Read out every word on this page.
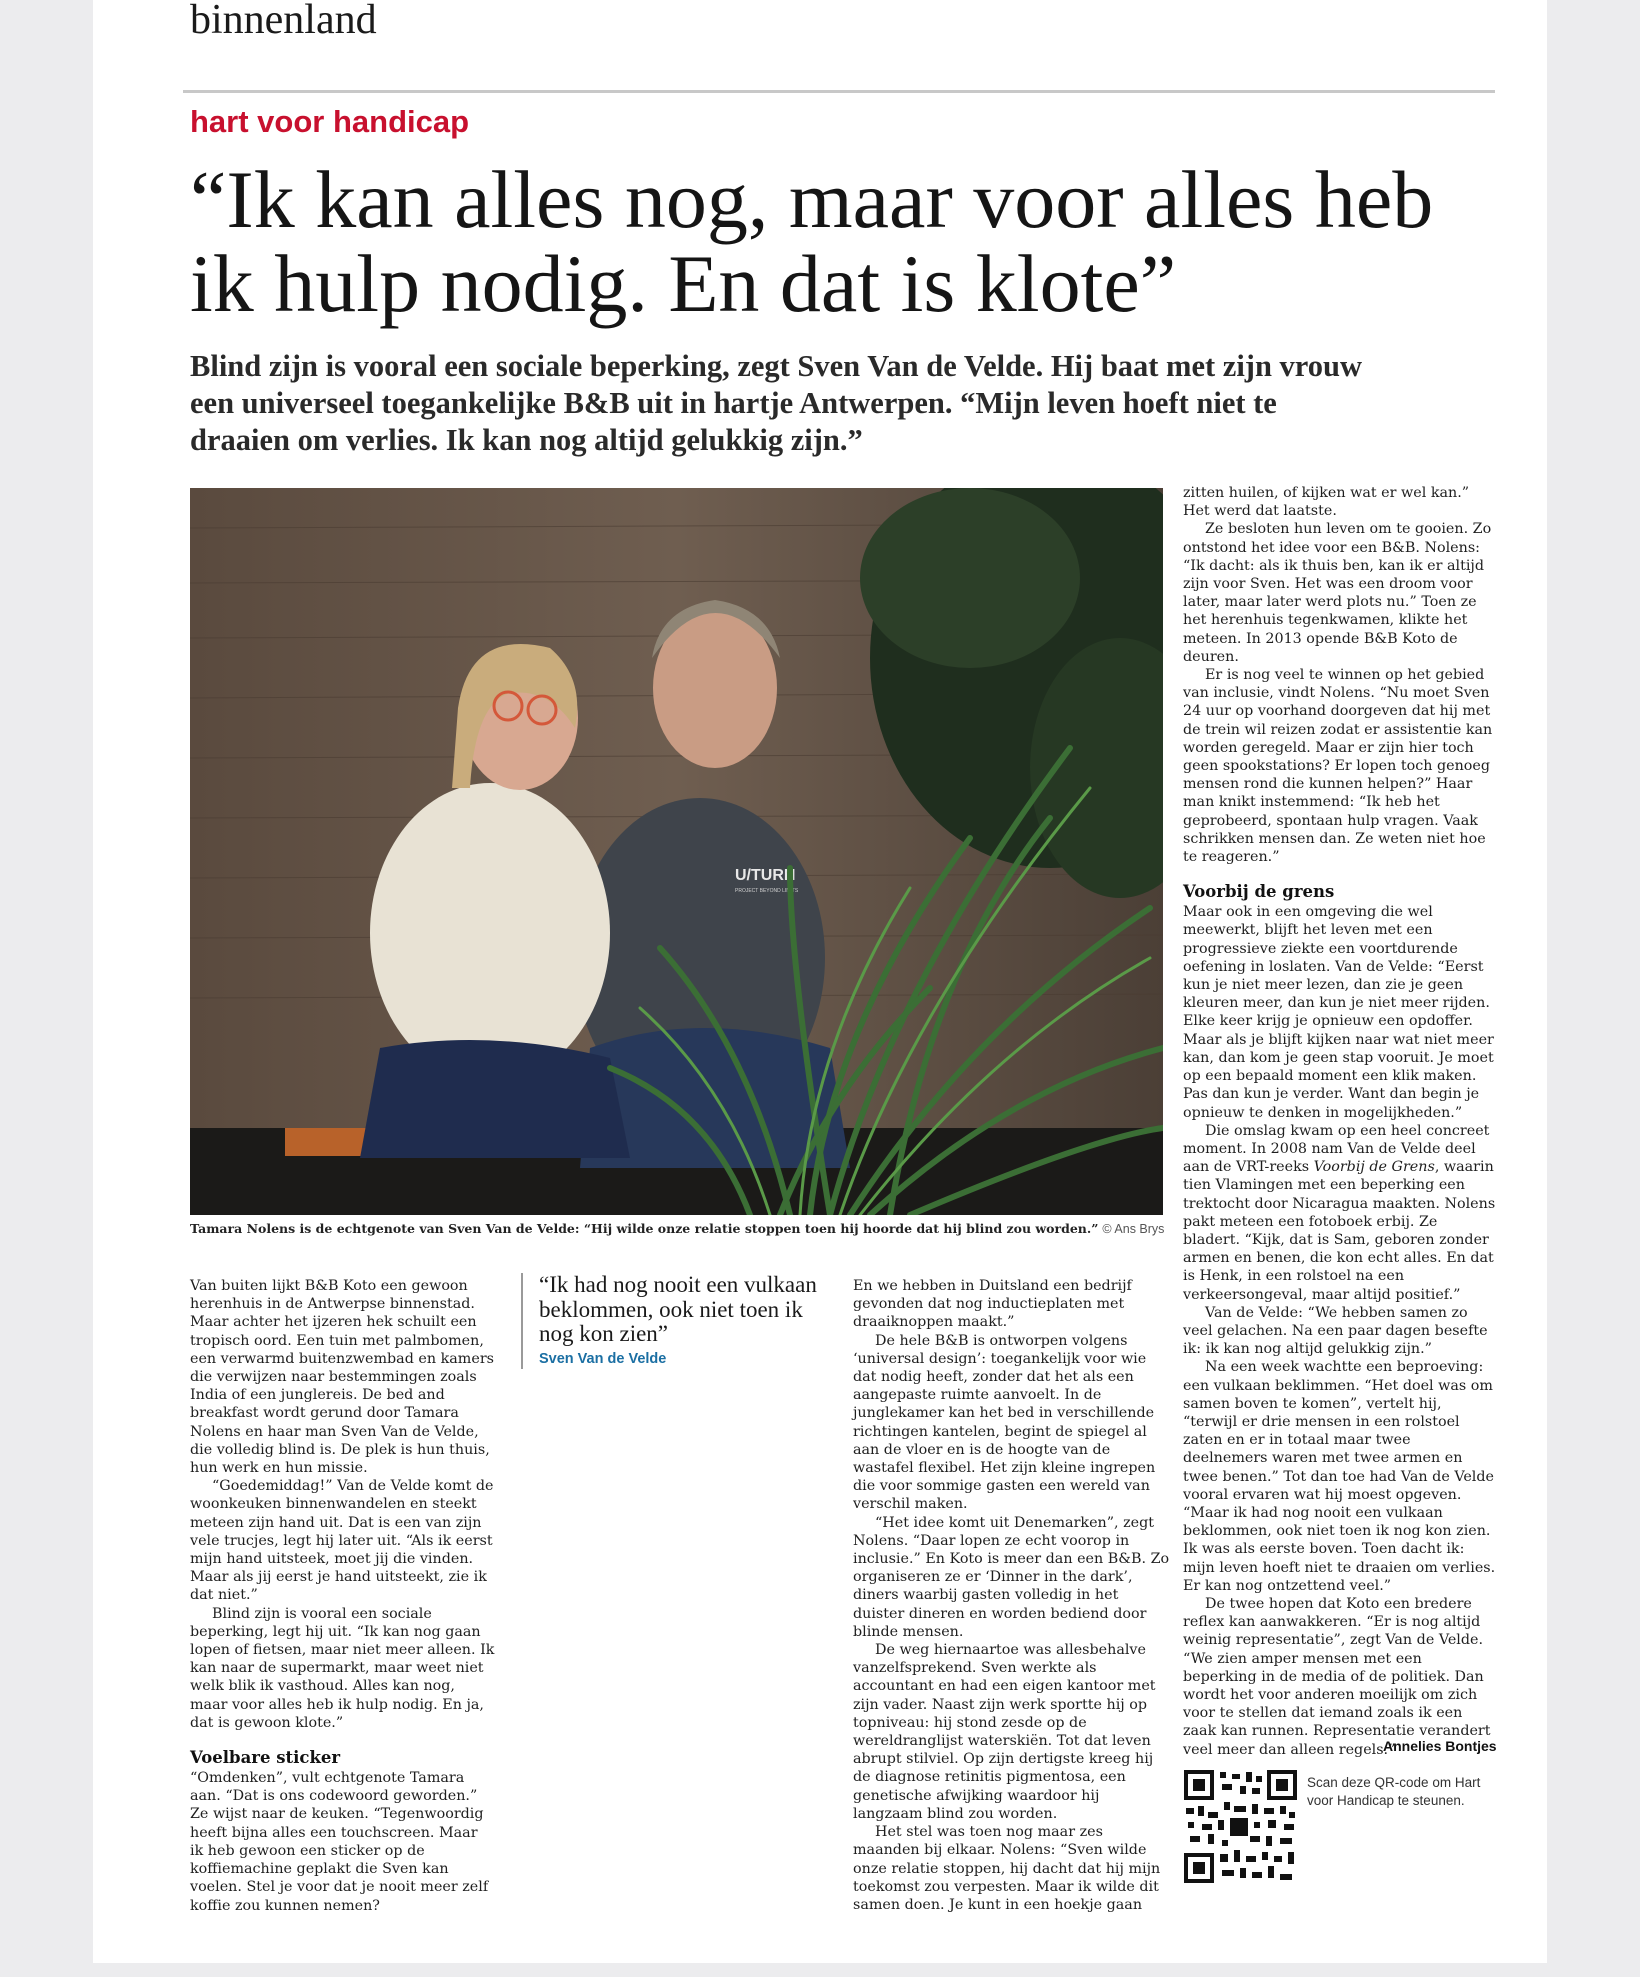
binnenland
hart voor handicap
“Ik kan alles nog, maar voor alles heb ik hulp nodig. En dat is klote”

Blind zijn is vooral een sociale beperking, zegt Sven Van de Velde. Hij baat met zijn vrouw een universeel toegankelijke B&B uit in hartje Antwerpen. “Mijn leven hoeft niet te draaien om verlies. Ik kan nog altijd gelukkig zijn.”

U/TURN
PROJECT BEYOND LIMITS
Tamara Nolens is de echtgenote van Sven Van de Velde: “Hij wilde onze relatie stoppen toen hij hoorde dat hij blind zou worden.” © Ans Brys

Van buiten lijkt B&B Koto een gewoon herenhuis in de Antwerpse binnenstad. Maar achter het ijzeren hek schuilt een tropisch oord. Een tuin met palmbomen, een verwarmd buitenzwembad en kamers die verwijzen naar bestemmingen zoals India of een junglereis. De bed and breakfast wordt gerund door Tamara Nolens en haar man Sven Van de Velde, die volledig blind is. De plek is hun thuis, hun werk en hun missie.

“Goedemiddag!” Van de Velde komt de woonkeuken binnenwandelen en steekt meteen zijn hand uit. Dat is een van zijn vele trucjes, legt hij later uit. “Als ik eerst mijn hand uitsteek, moet jij die vinden. Maar als jij eerst je hand uitsteekt, zie ik dat niet.”

Blind zijn is vooral een sociale beperking, legt hij uit. “Ik kan nog gaan lopen of fietsen, maar niet meer alleen. Ik kan naar de supermarkt, maar weet niet welk blik ik vasthoud. Alles kan nog, maar voor alles heb ik hulp nodig. En ja, dat is gewoon klote.”

Voelbare sticker

“Omdenken”, vult echtgenote Tamara aan. “Dat is ons codewoord geworden.” Ze wijst naar de keuken. “Tegenwoordig heeft bijna alles een touchscreen. Maar ik heb gewoon een sticker op de koffiemachine geplakt die Sven kan voelen. Stel je voor dat je nooit meer zelf koffie zou kunnen nemen?

“Ik had nog nooit een vulkaan beklommen, ook niet toen ik nog kon zien”
Sven Van de Velde

En we hebben in Duitsland een bedrijf gevonden dat nog inductieplaten met draaiknoppen maakt.”

De hele B&B is ontworpen volgens ‘universal design’: toegankelijk voor wie dat nodig heeft, zonder dat het als een aangepaste ruimte aanvoelt. In de junglekamer kan het bed in verschillende richtingen kantelen, begint de spiegel al aan de vloer en is de hoogte van de wastafel flexibel. Het zijn kleine ingrepen die voor sommige gasten een wereld van verschil maken.

“Het idee komt uit Denemarken”, zegt Nolens. “Daar lopen ze echt voorop in inclusie.” En Koto is meer dan een B&B. Zo organiseren ze er ‘Dinner in the dark’, diners waarbij gasten volledig in het duister dineren en worden bediend door blinde mensen.

De weg hiernaartoe was allesbehalve vanzelfsprekend. Sven werkte als accountant en had een eigen kantoor met zijn vader. Naast zijn werk sportte hij op topniveau: hij stond zesde op de wereldranglijst waterskiën. Tot dat leven abrupt stilviel. Op zijn dertigste kreeg hij de diagnose retinitis pigmentosa, een genetische afwijking waardoor hij langzaam blind zou worden.

Het stel was toen nog maar zes maanden bij elkaar. Nolens: “Sven wilde onze relatie stoppen, hij dacht dat hij mijn toekomst zou verpesten. Maar ik wilde dit samen doen. Je kunt in een hoekje gaan

zitten huilen, of kijken wat er wel kan.” Het werd dat laatste.

Ze besloten hun leven om te gooien. Zo ontstond het idee voor een B&B. Nolens: “Ik dacht: als ik thuis ben, kan ik er altijd zijn voor Sven. Het was een droom voor later, maar later werd plots nu.” Toen ze het herenhuis tegenkwamen, klikte het meteen. In 2013 opende B&B Koto de deuren.

Er is nog veel te winnen op het gebied van inclusie, vindt Nolens. “Nu moet Sven 24 uur op voorhand doorgeven dat hij met de trein wil reizen zodat er assistentie kan worden geregeld. Maar er zijn hier toch geen spookstations? Er lopen toch genoeg mensen rond die kunnen helpen?” Haar man knikt instemmend: “Ik heb het geprobeerd, spontaan hulp vragen. Vaak schrikken mensen dan. Ze weten niet hoe te reageren.”

Voorbij de grens

Maar ook in een omgeving die wel meewerkt, blijft het leven met een progressieve ziekte een voortdurende oefening in loslaten. Van de Velde: “Eerst kun je niet meer lezen, dan zie je geen kleuren meer, dan kun je niet meer rijden. Elke keer krijg je opnieuw een opdoffer. Maar als je blijft kijken naar wat niet meer kan, dan kom je geen stap vooruit. Je moet op een bepaald moment een klik maken. Pas dan kun je verder. Want dan begin je opnieuw te denken in mogelijkheden.”

Die omslag kwam op een heel concreet moment. In 2008 nam Van de Velde deel aan de VRT-reeks Voorbij de Grens, waarin tien Vlamingen met een beperking een trektocht door Nicaragua maakten. Nolens pakt meteen een fotoboek erbij. Ze bladert. “Kijk, dat is Sam, geboren zonder armen en benen, die kon echt alles. En dat is Henk, in een rolstoel na een verkeersongeval, maar altijd positief.”

Van de Velde: “We hebben samen zo veel gelachen. Na een paar dagen besefte ik: ik kan nog altijd gelukkig zijn.”

Na een week wachtte een beproeving: een vulkaan beklimmen. “Het doel was om samen boven te komen”, vertelt hij, “terwijl er drie mensen in een rolstoel zaten en er in totaal maar twee deelnemers waren met twee armen en twee benen.” Tot dan toe had Van de Velde vooral ervaren wat hij moest opgeven. “Maar ik had nog nooit een vulkaan beklommen, ook niet toen ik nog kon zien. Ik was als eerste boven. Toen dacht ik: mijn leven hoeft niet te draaien om verlies. Er kan nog ontzettend veel.”

De twee hopen dat Koto een bredere reflex kan aanwakkeren. “Er is nog altijd weinig representatie”, zegt Van de Velde. “We zien amper mensen met een beperking in de media of de politiek. Dan wordt het voor anderen moeilijk om zich voor te stellen dat iemand zoals ik een zaak kan runnen. Representatie verandert veel meer dan alleen regels.”

Annelies Bontjes
Scan deze QR-code om Hart voor Handicap te steunen.
